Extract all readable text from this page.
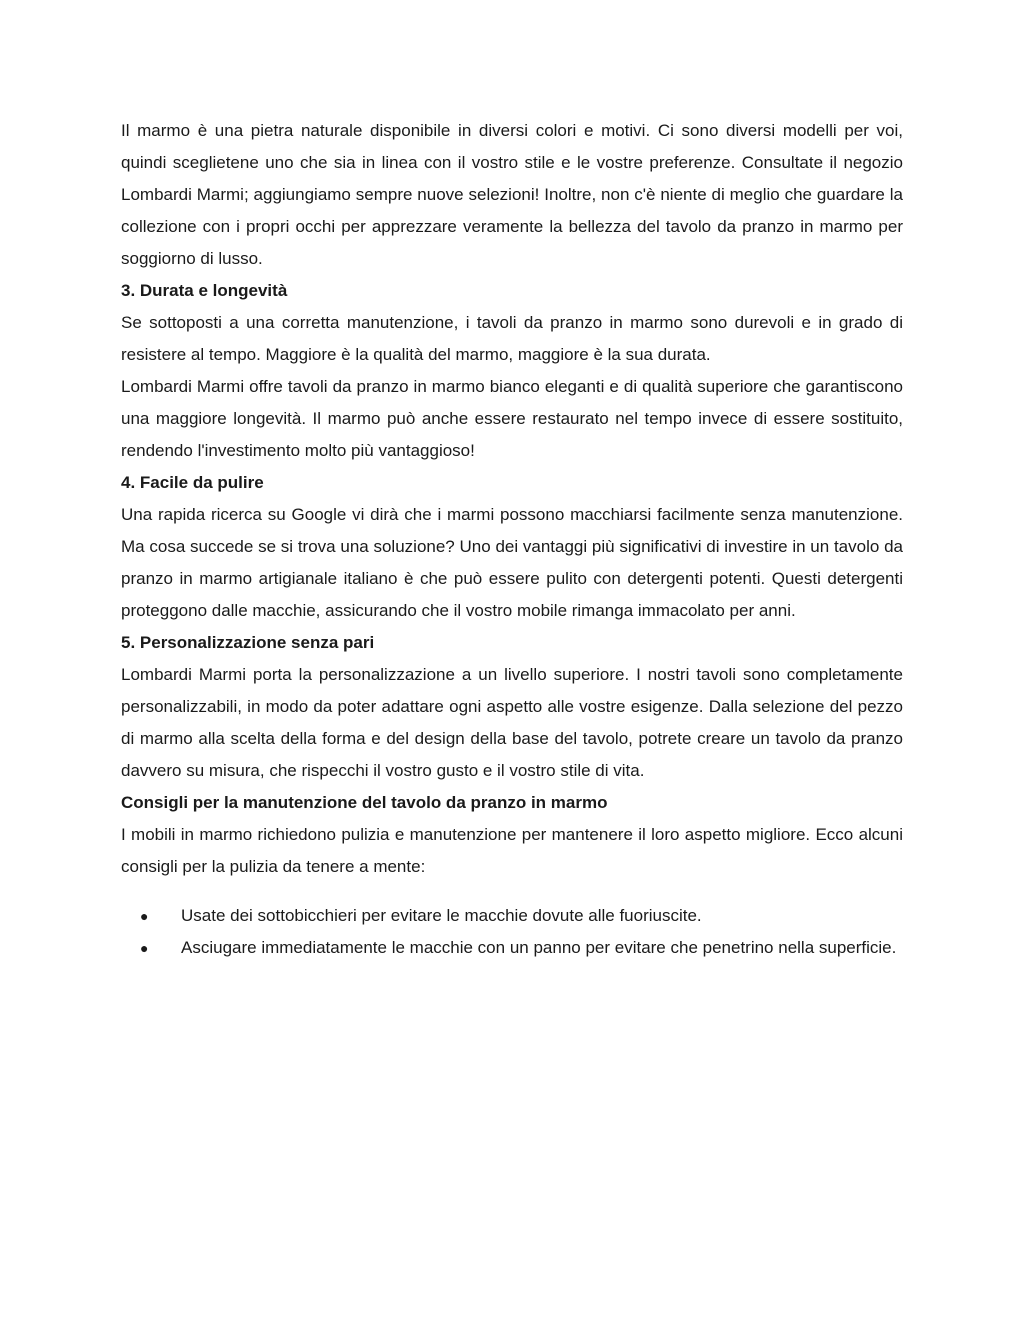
Il marmo è una pietra naturale disponibile in diversi colori e motivi. Ci sono diversi modelli per voi, quindi sceglietene uno che sia in linea con il vostro stile e le vostre preferenze. Consultate il negozio Lombardi Marmi; aggiungiamo sempre nuove selezioni! Inoltre, non c'è niente di meglio che guardare la collezione con i propri occhi per apprezzare veramente la bellezza del tavolo da pranzo in marmo per soggiorno di lusso.

3. Durata e longevità

Se sottoposti a una corretta manutenzione, i tavoli da pranzo in marmo sono durevoli e in grado di resistere al tempo. Maggiore è la qualità del marmo, maggiore è la sua durata.

Lombardi Marmi offre tavoli da pranzo in marmo bianco eleganti e di qualità superiore che garantiscono una maggiore longevità. Il marmo può anche essere restaurato nel tempo invece di essere sostituito, rendendo l'investimento molto più vantaggioso!

4. Facile da pulire

Una rapida ricerca su Google vi dirà che i marmi possono macchiarsi facilmente senza manutenzione. Ma cosa succede se si trova una soluzione? Uno dei vantaggi più significativi di investire in un tavolo da pranzo in marmo artigianale italiano è che può essere pulito con detergenti potenti. Questi detergenti proteggono dalle macchie, assicurando che il vostro mobile rimanga immacolato per anni.

5. Personalizzazione senza pari

Lombardi Marmi porta la personalizzazione a un livello superiore. I nostri tavoli sono completamente personalizzabili, in modo da poter adattare ogni aspetto alle vostre esigenze. Dalla selezione del pezzo di marmo alla scelta della forma e del design della base del tavolo, potrete creare un tavolo da pranzo davvero su misura, che rispecchi il vostro gusto e il vostro stile di vita.

Consigli per la manutenzione del tavolo da pranzo in marmo

I mobili in marmo richiedono pulizia e manutenzione per mantenere il loro aspetto migliore. Ecco alcuni consigli per la pulizia da tenere a mente:

● Usate dei sottobicchieri per evitare le macchie dovute alle fuoriuscite.
● Asciugare immediatamente le macchie con un panno per evitare che penetrino nella superficie.
